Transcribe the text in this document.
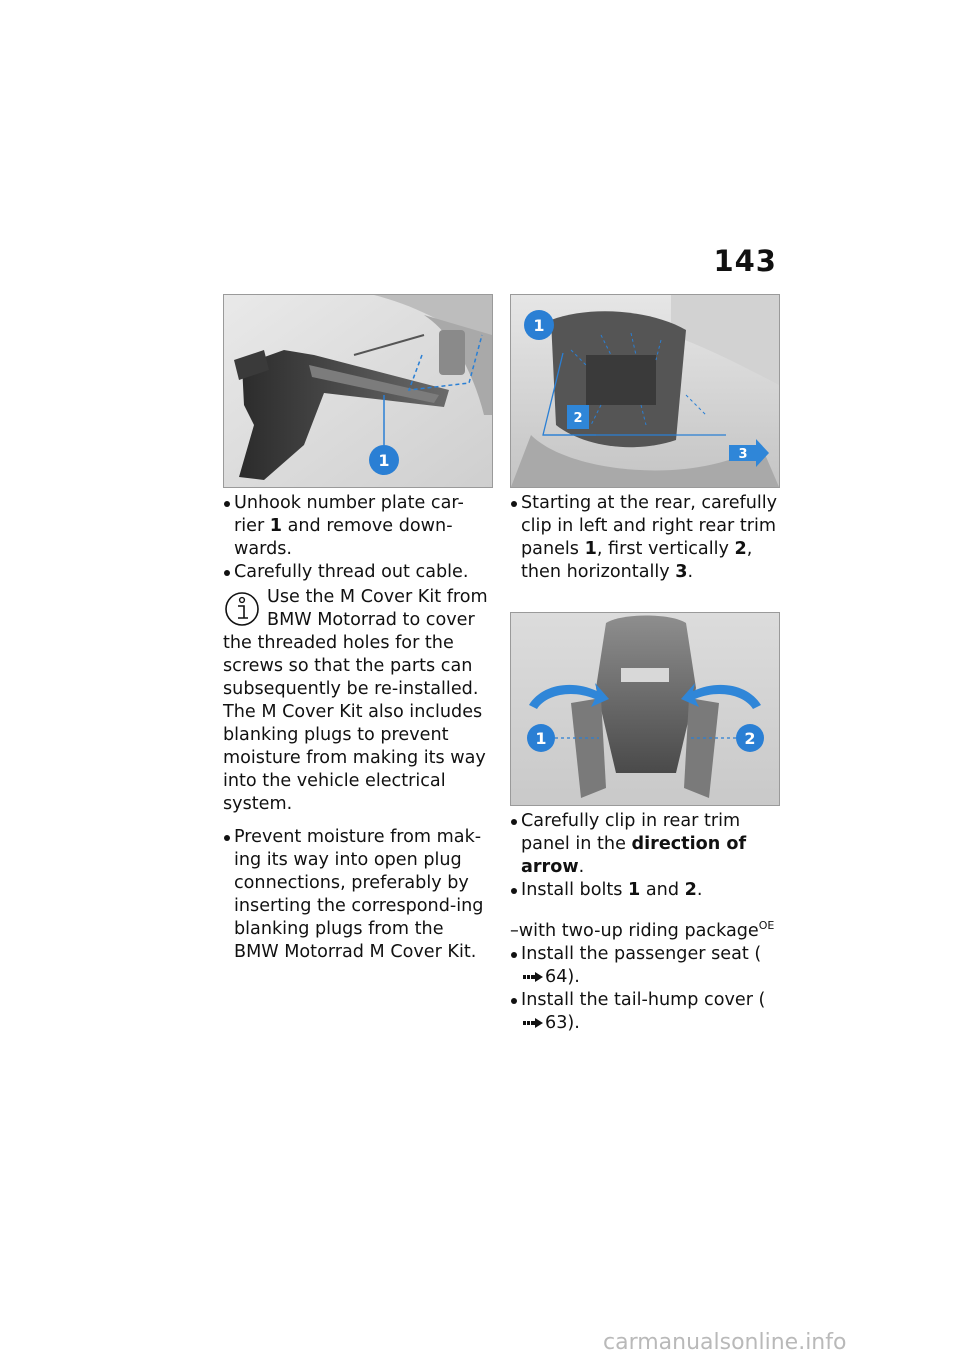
143
1
Unhook number plate car-
rier 1 and remove down-
wards.
Carefully thread out cable.
Use the M Cover Kit from
BMW Motorrad to cover
the threaded holes for the screws so that the parts can subsequently be re-installed. The M Cover Kit also includes blanking plugs to prevent moisture from making its way into the vehicle electrical system.
Prevent moisture from mak-ing its way into open plug connections, preferably by inserting the correspond-ing blanking plugs from the BMW Motorrad M Cover Kit.
1
2
3
Starting at the rear, carefully clip in left and right rear trim panels 1, first vertically 2, then horizontally 3.
1	2
Carefully clip in rear trim panel in the direction of arrow.
Install bolts 1 and 2.
–with two-up riding package$^{OE}$
Install the passenger seat (64).
Install the tail-hump cover (63).
carmanualsonline.info
